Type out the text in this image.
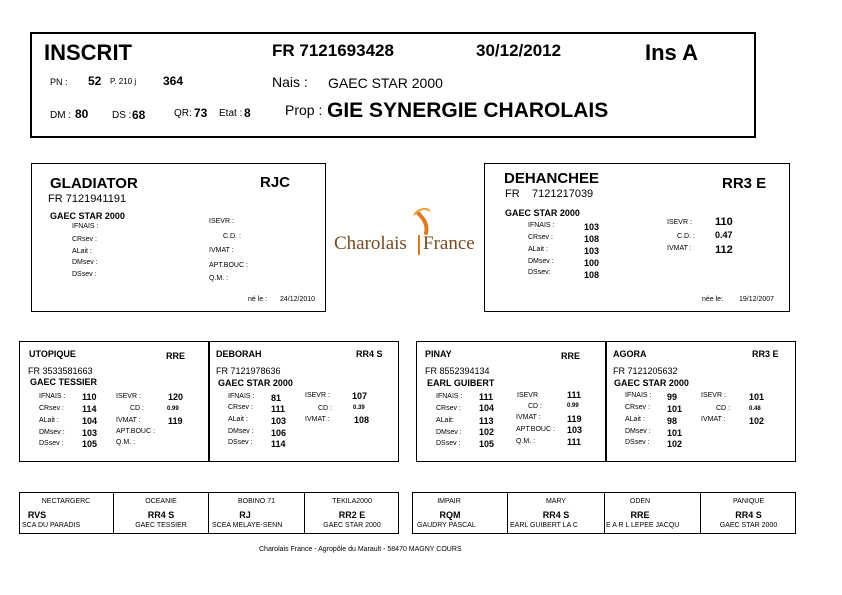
INSCRIT	FR 7121693428	30/12/2012	Ins A
PN : 52 P. 210 j 364	Nais : GAEC STAR 2000
DM : 80 DS : 68	QR: 73 Etat : 8 Prop : GIE SYNERGIE CHAROLAIS
Charolais France
GLADIATOR	RJC
FR 7121941191
GAEC STAR 2000
IFNAIS :
CRsev :
ALait :
DMsev :
DSsev :
ISEVR :
C.D. :
IVMAT :
APT.BOUC :
Q.M. :
né le : 24/12/2010
DEHANCHEE	RR3 E
FR 7121217039
GAEC STAR 2000
IFNAIS :	103
CRsev :	108
ALait :	103
DMsev :	100
DSsev:	108
ISEVR : 110
C.D. : 0.47
IVMAT : 112
née le: 19/12/2007
UTOPIQUE	RRE
FR 3533581663
GAEC TESSIER
IFNAIS : 110
CRsev : 114
ALait :	104
DMsev : 103
DSsev : 105
ISEVR :	120
CD :	0.99
IVMAT :	119
APT.BOUC :
Q.M. :
DEBORAH	RR4 S
FR 7121978636
GAEC STAR 2000
IFNAIS : 81
CRsev : 111
ALait :	103
DMsev : 106
DSsev : 114
ISEVR : 107
CD :	0.39
IVMAT :	108
PINAY	RRE
FR 8552394134
EARL GUIBERT
IFNAIS : 111
CRsev : 104
ALait:	113
DMsev : 102
DSsev : 105
ISEVR	111
CD :	0.99
IVMAT :	119
APT.BOUC : 103
Q.M. :	111
AGORA	RR3 E
FR 7121205632
GAEC STAR 2000
IFNAIS : 99
CRsev : 101
ALait : 98
DMsev : 101
DSsev : 102
ISEVR :	101
CD :	0.48
IVMAT :	102
NECTARGERC
RVS
SCA DU PARADIS
OCEANIE
RR4 S
GAEC TESSIER
BOBINO 71
RJ
SCEA MELAYE-SENN
TEKILA2000
RR2 E
GAEC STAR 2000
IMPAIR
RQM
GAUDRY PASCAL
MARY
RR4 S
EARL GUIBERT LA C
ODEN
RRE
E A R L LEPEE JACQU
PANIQUE
RR4 S
GAEC STAR 2000
Charolais France - Agropôle du Marault - 58470 MAGNY COURS
